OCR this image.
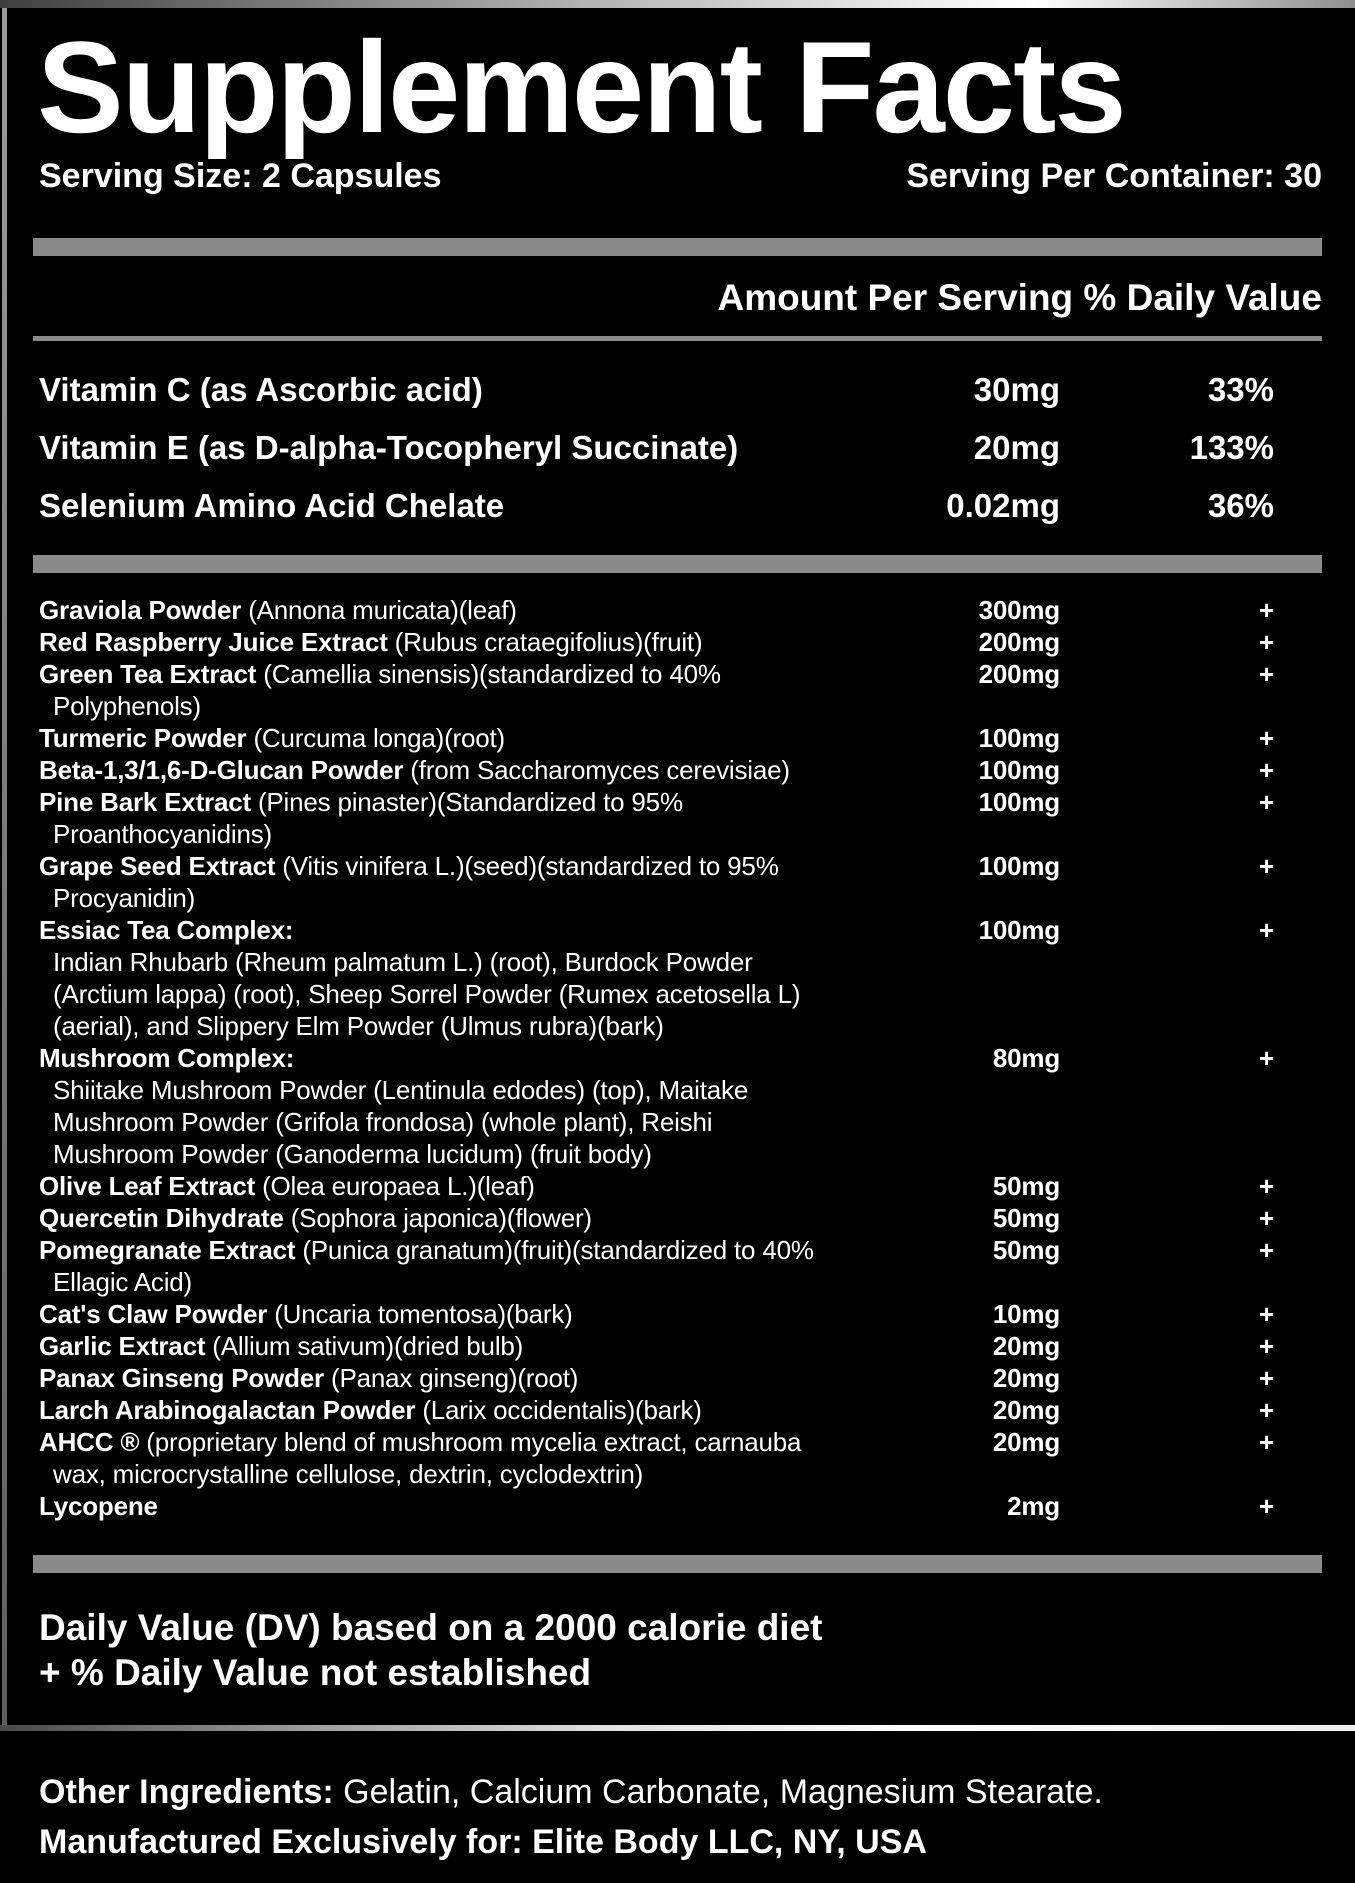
Supplement Facts
Serving Size: 2 Capsules	Serving Per Container: 30
Amount Per Serving % Daily Value
Vitamin C (as Ascorbic acid)	30mg	33%
Vitamin E (as D-alpha-Tocopheryl Succinate)	20mg	133%
Selenium Amino Acid Chelate	0.02mg	36%
Graviola Powder (Annona muricata)(leaf)	300mg	+
Red Raspberry Juice Extract (Rubus crataegifolius)(fruit)	200mg	+
Green Tea Extract (Camellia sinensis)(standardized to 40%	200mg	+
Polyphenols)
Turmeric Powder (Curcuma longa)(root)	100mg	+
Beta-1,3/1,6-D-Glucan Powder (from Saccharomyces cerevisiae)	100mg	+
Pine Bark Extract (Pines pinaster)(Standardized to 95%	100mg	+
Proanthocyanidins)
Grape Seed Extract (Vitis vinifera L.)(seed)(standardized to 95%	100mg	+
Procyanidin)
Essiac Tea Complex:	100mg	+
Indian Rhubarb (Rheum palmatum L.) (root), Burdock Powder
(Arctium lappa) (root), Sheep Sorrel Powder (Rumex acetosella L)
(aerial), and Slippery Elm Powder (Ulmus rubra)(bark)
Mushroom Complex:	80mg	+
Shiitake Mushroom Powder (Lentinula edodes) (top), Maitake
Mushroom Powder (Grifola frondosa) (whole plant), Reishi
Mushroom Powder (Ganoderma lucidum) (fruit body)
Olive Leaf Extract (Olea europaea L.)(leaf)	50mg	+
Quercetin Dihydrate (Sophora japonica)(flower)	50mg	+
Pomegranate Extract (Punica granatum)(fruit)(standardized to 40%	50mg	+
Ellagic Acid)
Cat's Claw Powder (Uncaria tomentosa)(bark)	10mg	+
Garlic Extract (Allium sativum)(dried bulb)	20mg	+
Panax Ginseng Powder (Panax ginseng)(root)	20mg	+
Larch Arabinogalactan Powder (Larix occidentalis)(bark)	20mg	+
AHCC ® (proprietary blend of mushroom mycelia extract, carnauba	20mg	+
wax, microcrystalline cellulose, dextrin, cyclodextrin)
Lycopene	2mg	+
Daily Value (DV) based on a 2000 calorie diet
+ % Daily Value not established
Other Ingredients: Gelatin, Calcium Carbonate, Magnesium Stearate.
Manufactured Exclusively for: Elite Body LLC, NY, USA
